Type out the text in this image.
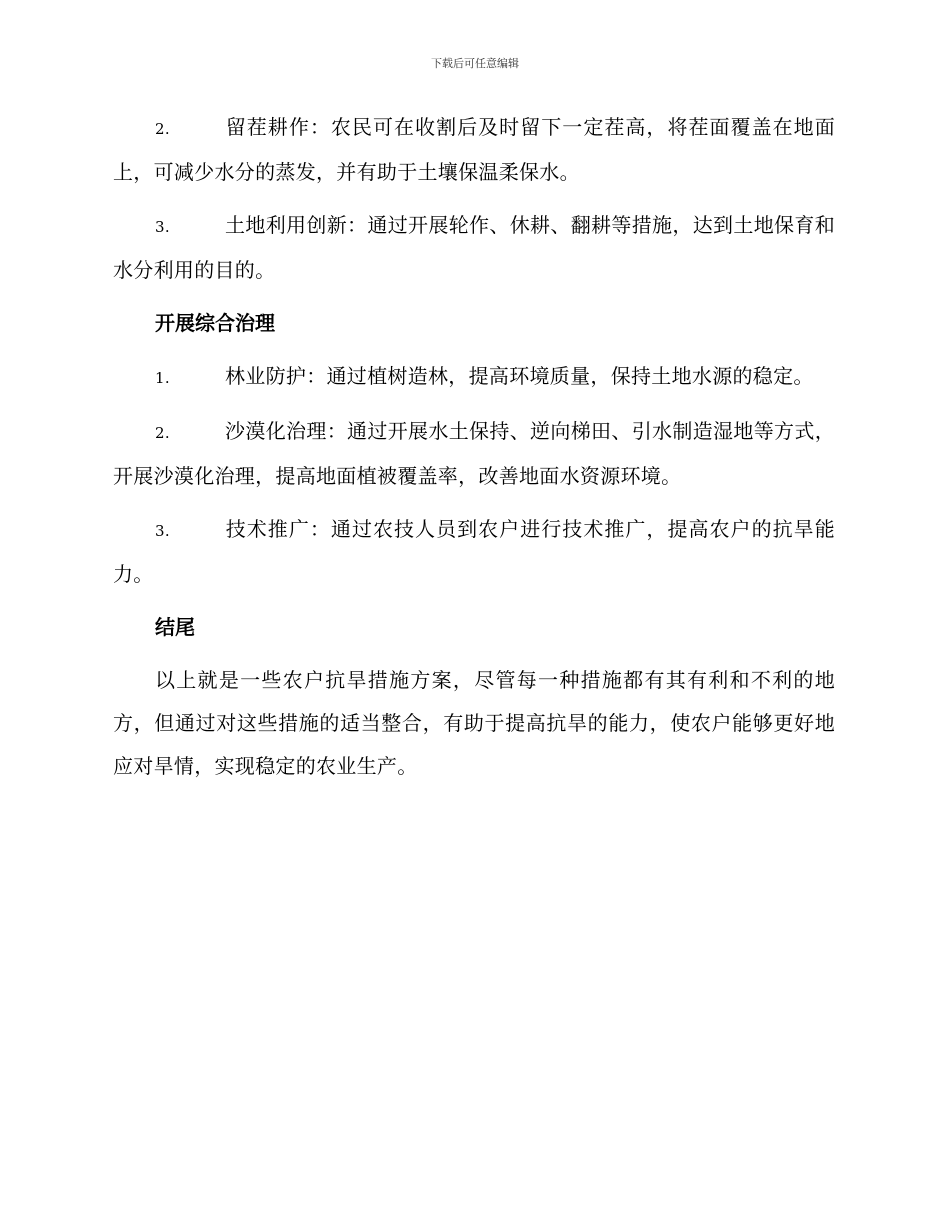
下载后可任意编辑

2.	留茬耕作：农民可在收割后及时留下一定茬高，将茬面覆盖在地面上，可减少水分的蒸发，并有助于土壤保温柔保水。

3.	土地利用创新：通过开展轮作、休耕、翻耕等措施，达到土地保育和水分利用的目的。

开展综合治理

1.	林业防护：通过植树造林，提高环境质量，保持土地水源的稳定。

2.	沙漠化治理：通过开展水土保持、逆向梯田、引水制造湿地等方式，开展沙漠化治理，提高地面植被覆盖率，改善地面水资源环境。

3.	技术推广：通过农技人员到农户进行技术推广，提高农户的抗旱能力。

结尾

以上就是一些农户抗旱措施方案，尽管每一种措施都有其有利和不利的地方，但通过对这些措施的适当整合，有助于提高抗旱的能力，使农户能够更好地应对旱情，实现稳定的农业生产。
